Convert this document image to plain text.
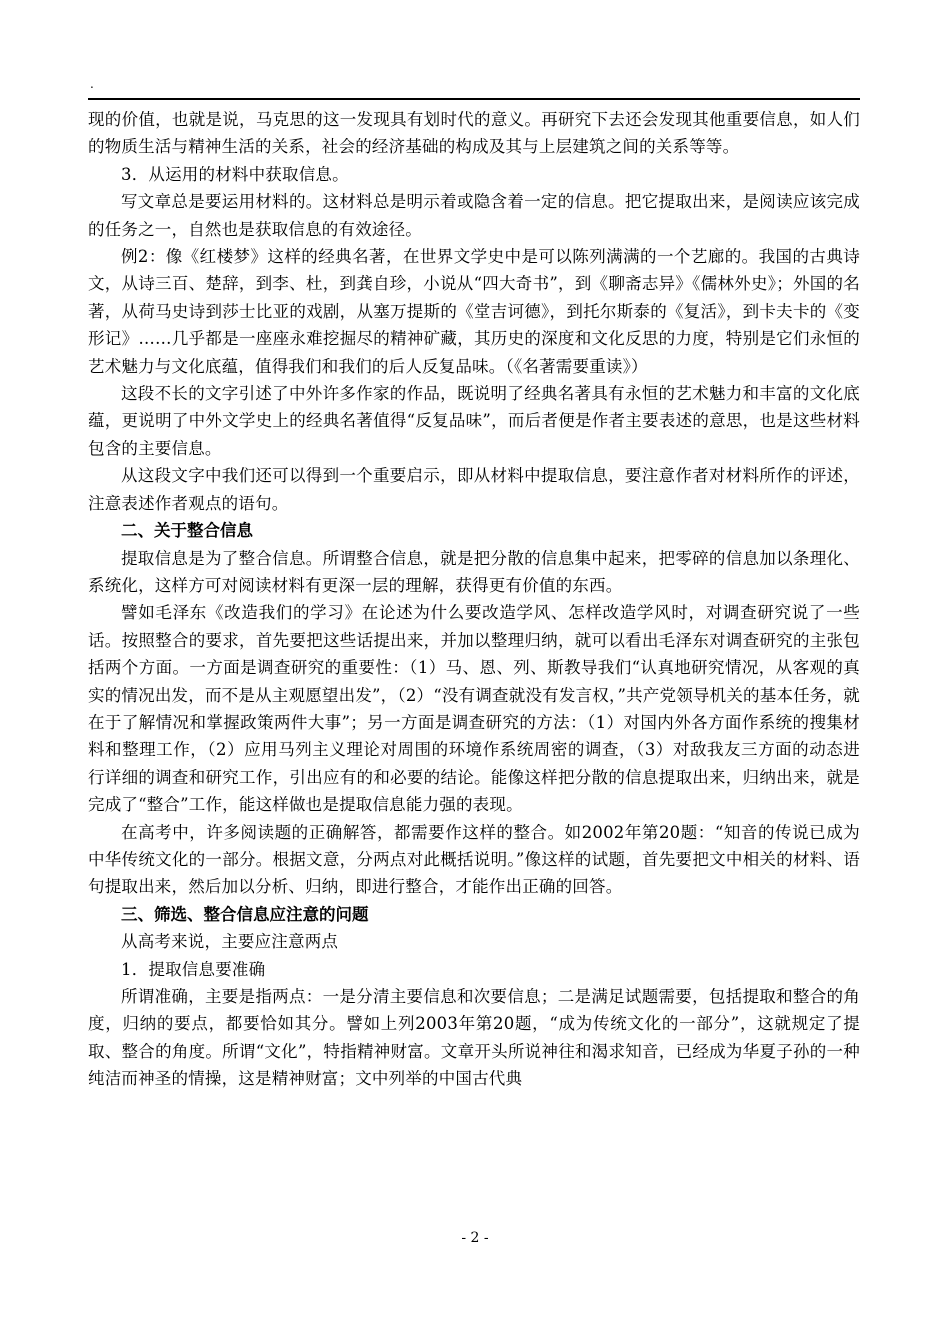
.

现的价值，也就是说，马克思的这一发现具有划时代的意义。再研究下去还会发现其他重要信息，如人们的物质生活与精神生活的关系，社会的经济基础的构成及其与上层建筑之间的关系等等。

3．从运用的材料中获取信息。

写文章总是要运用材料的。这材料总是明示着或隐含着一定的信息。把它提取出来，是阅读应该完成的任务之一，自然也是获取信息的有效途径。

例2：像《红楼梦》这样的经典名著，在世界文学史中是可以陈列满满的一个艺廊的。我国的古典诗文，从诗三百、楚辞，到李、杜，到龚自珍，小说从“四大奇书”，到《聊斋志异》《儒林外史》；外国的名著，从荷马史诗到莎士比亚的戏剧，从塞万提斯的《堂吉诃德》，到托尔斯泰的《复活》，到卡夫卡的《变形记》……几乎都是一座座永难挖掘尽的精神矿藏，其历史的深度和文化反思的力度，特别是它们永恒的艺术魅力与文化底蕴，值得我们和我们的后人反复品味。（《名著需要重读》）

这段不长的文字引述了中外许多作家的作品，既说明了经典名著具有永恒的艺术魅力和丰富的文化底蕴，更说明了中外文学史上的经典名著值得“反复品味”，而后者便是作者主要表述的意思，也是这些材料包含的主要信息。

从这段文字中我们还可以得到一个重要启示，即从材料中提取信息，要注意作者对材料所作的评述，注意表述作者观点的语句。

二、关于整合信息

提取信息是为了整合信息。所谓整合信息，就是把分散的信息集中起来，把零碎的信息加以条理化、系统化，这样方可对阅读材料有更深一层的理解，获得更有价值的东西。

譬如毛泽东《改造我们的学习》在论述为什么要改造学风、怎样改造学风时，对调查研究说了一些话。按照整合的要求，首先要把这些话提出来，并加以整理归纳，就可以看出毛泽东对调查研究的主张包括两个方面。一方面是调查研究的重要性：（1）马、恩、列、斯教导我们“认真地研究情况，从客观的真实的情况出发，而不是从主观愿望出发”，（2）“没有调查就没有发言权，”共产党领导机关的基本任务，就在于了解情况和掌握政策两件大事”；另一方面是调查研究的方法：（1）对国内外各方面作系统的搜集材料和整理工作，（2）应用马列主义理论对周围的环境作系统周密的调查，（3）对敌我友三方面的动态进行详细的调查和研究工作，引出应有的和必要的结论。能像这样把分散的信息提取出来，归纳出来，就是完成了“整合”工作，能这样做也是提取信息能力强的表现。

在高考中，许多阅读题的正确解答，都需要作这样的整合。如2002年第20题：“知音的传说已成为中华传统文化的一部分。根据文意，分两点对此概括说明。”像这样的试题，首先要把文中相关的材料、语句提取出来，然后加以分析、归纳，即进行整合，才能作出正确的回答。

三、筛选、整合信息应注意的问题

从高考来说，主要应注意两点

1．提取信息要准确

所谓准确，主要是指两点：一是分清主要信息和次要信息；二是满足试题需要，包括提取和整合的角度，归纳的要点，都要恰如其分。譬如上列2003年第20题，“成为传统文化的一部分”，这就规定了提取、整合的角度。所谓“文化”，特指精神财富。文章开头所说神往和渴求知音，已经成为华夏子孙的一种纯洁而神圣的情操，这是精神财富；文中列举的中国古代典

- 2 -
